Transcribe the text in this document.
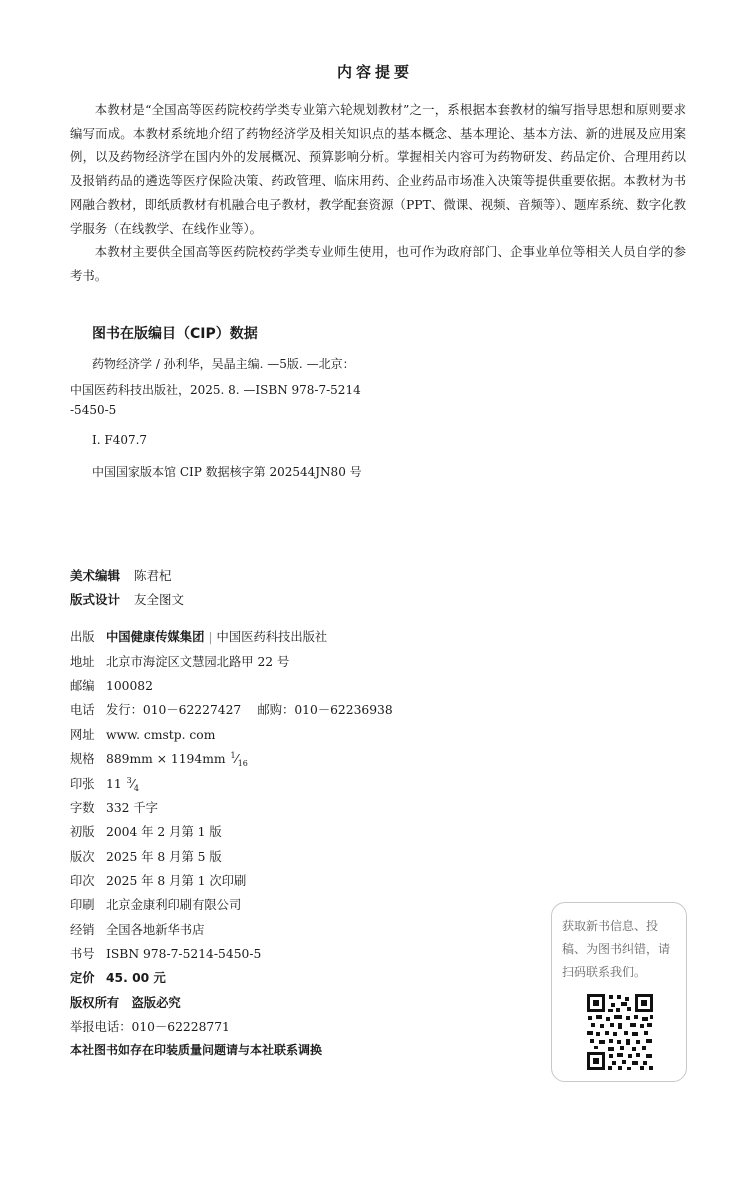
内容提要

本教材是“全国高等医药院校药学类专业第六轮规划教材”之一，系根据本套教材的编写指导思想和原则要求编写而成。本教材系统地介绍了药物经济学及相关知识点的基本概念、基本理论、基本方法、新的进展及应用案例，以及药物经济学在国内外的发展概况、预算影响分析。掌握相关内容可为药物研发、药品定价、合理用药以及报销药品的遴选等医疗保险决策、药政管理、临床用药、企业药品市场准入决策等提供重要依据。本教材为书网融合教材，即纸质教材有机融合电子教材，教学配套资源（PPT、微课、视频、音频等）、题库系统、数字化教学服务（在线教学、在线作业等）。

本教材主要供全国高等医药院校药学类专业师生使用，也可作为政府部门、企事业单位等相关人员自学的参考书。

图书在版编目（CIP）数据
药物经济学 / 孙利华，吴晶主编. —5版. —北京：
中国医药科技出版社，2025. 8. —ISBN 978-7-5214
-5450-5
Ⅰ. F407.7
中国国家版本馆 CIP 数据核字第 202544JN80 号
美术编辑 陈君杞
版式设计 友全图文
出版 中国健康传媒集团 | 中国医药科技出版社
地址 北京市海淀区文慧园北路甲 22 号
邮编 100082
电话 发行：010－62227427　 邮购：010－62236938
网址 www. cmstp. com
规格 889mm × 1194mm $^1⁄_{16}$
印张 11 $^3⁄_4$
字数 332 千字
初版 2004 年 2 月第 1 版
版次 2025 年 8 月第 5 版
印次 2025 年 8 月第 1 次印刷
印刷 北京金康利印刷有限公司
经销 全国各地新华书店
书号 ISBN 978-7-5214-5450-5
定价 45. 00 元
版权所有　盗版必究
举报电话：010－62228771
本社图书如存在印装质量问题请与本社联系调换
获取新书信息、投稿、为图书纠错，请扫码联系我们。
